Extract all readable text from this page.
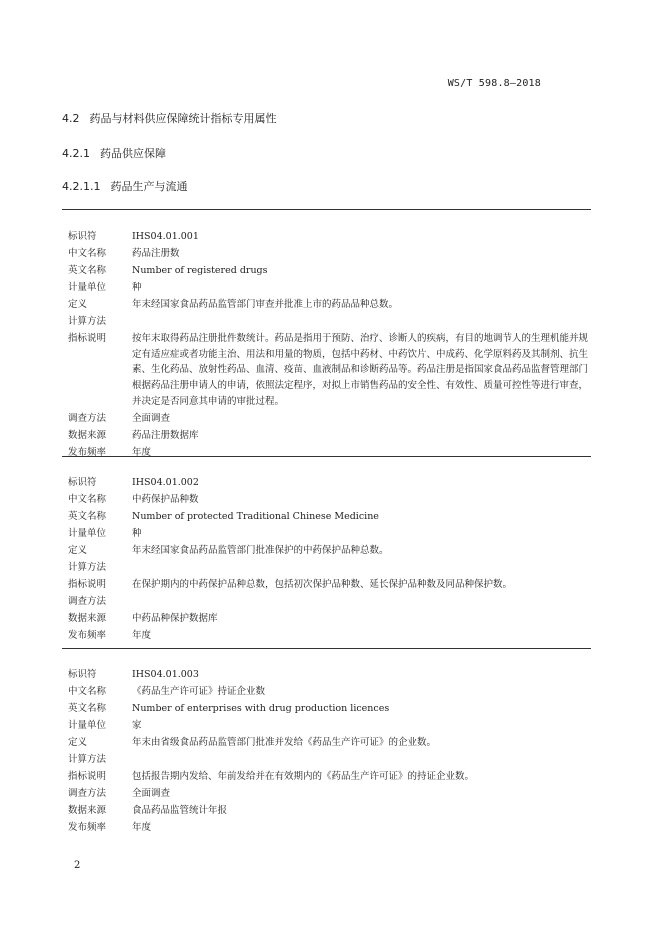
WS/T 598.8—2018
4.2 药品与材料供应保障统计指标专用属性
4.2.1 药品供应保障
4.2.1.1 药品生产与流通
标识符	IHS04.01.001
中文名称	药品注册数
英文名称	Number of registered drugs
计量单位	种
定义	年末经国家食品药品监管部门审查并批准上市的药品品种总数。
计算方法
指标说明	按年末取得药品注册批件数统计。药品是指用于预防、治疗、诊断人的疾病，有目的地调节人的生理机能并规定有适应症或者功能主治、用法和用量的物质，包括中药材、中药饮片、中成药、化学原料药及其制剂、抗生素、生化药品、放射性药品、血清、疫苗、血液制品和诊断药品等。药品注册是指国家食品药品监督管理部门根据药品注册申请人的申请，依照法定程序，对拟上市销售药品的安全性、有效性、质量可控性等进行审查，并决定是否同意其申请的审批过程。
调查方法	全面调查
数据来源	药品注册数据库
发布频率	年度
标识符	IHS04.01.002
中文名称	中药保护品种数
英文名称	Number of protected Traditional Chinese Medicine
计量单位	种
定义	年末经国家食品药品监管部门批准保护的中药保护品种总数。
计算方法
指标说明	在保护期内的中药保护品种总数，包括初次保护品种数、延长保护品种数及同品种保护数。
调查方法
数据来源	中药品种保护数据库
发布频率	年度
标识符	IHS04.01.003
中文名称	《药品生产许可证》持证企业数
英文名称	Number of enterprises with drug production licences
计量单位	家
定义	年末由省级食品药品监管部门批准并发给《药品生产许可证》的企业数。
计算方法
指标说明	包括报告期内发给、年前发给并在有效期内的《药品生产许可证》的持证企业数。
调查方法	全面调查
数据来源	食品药品监管统计年报
发布频率	年度
2
